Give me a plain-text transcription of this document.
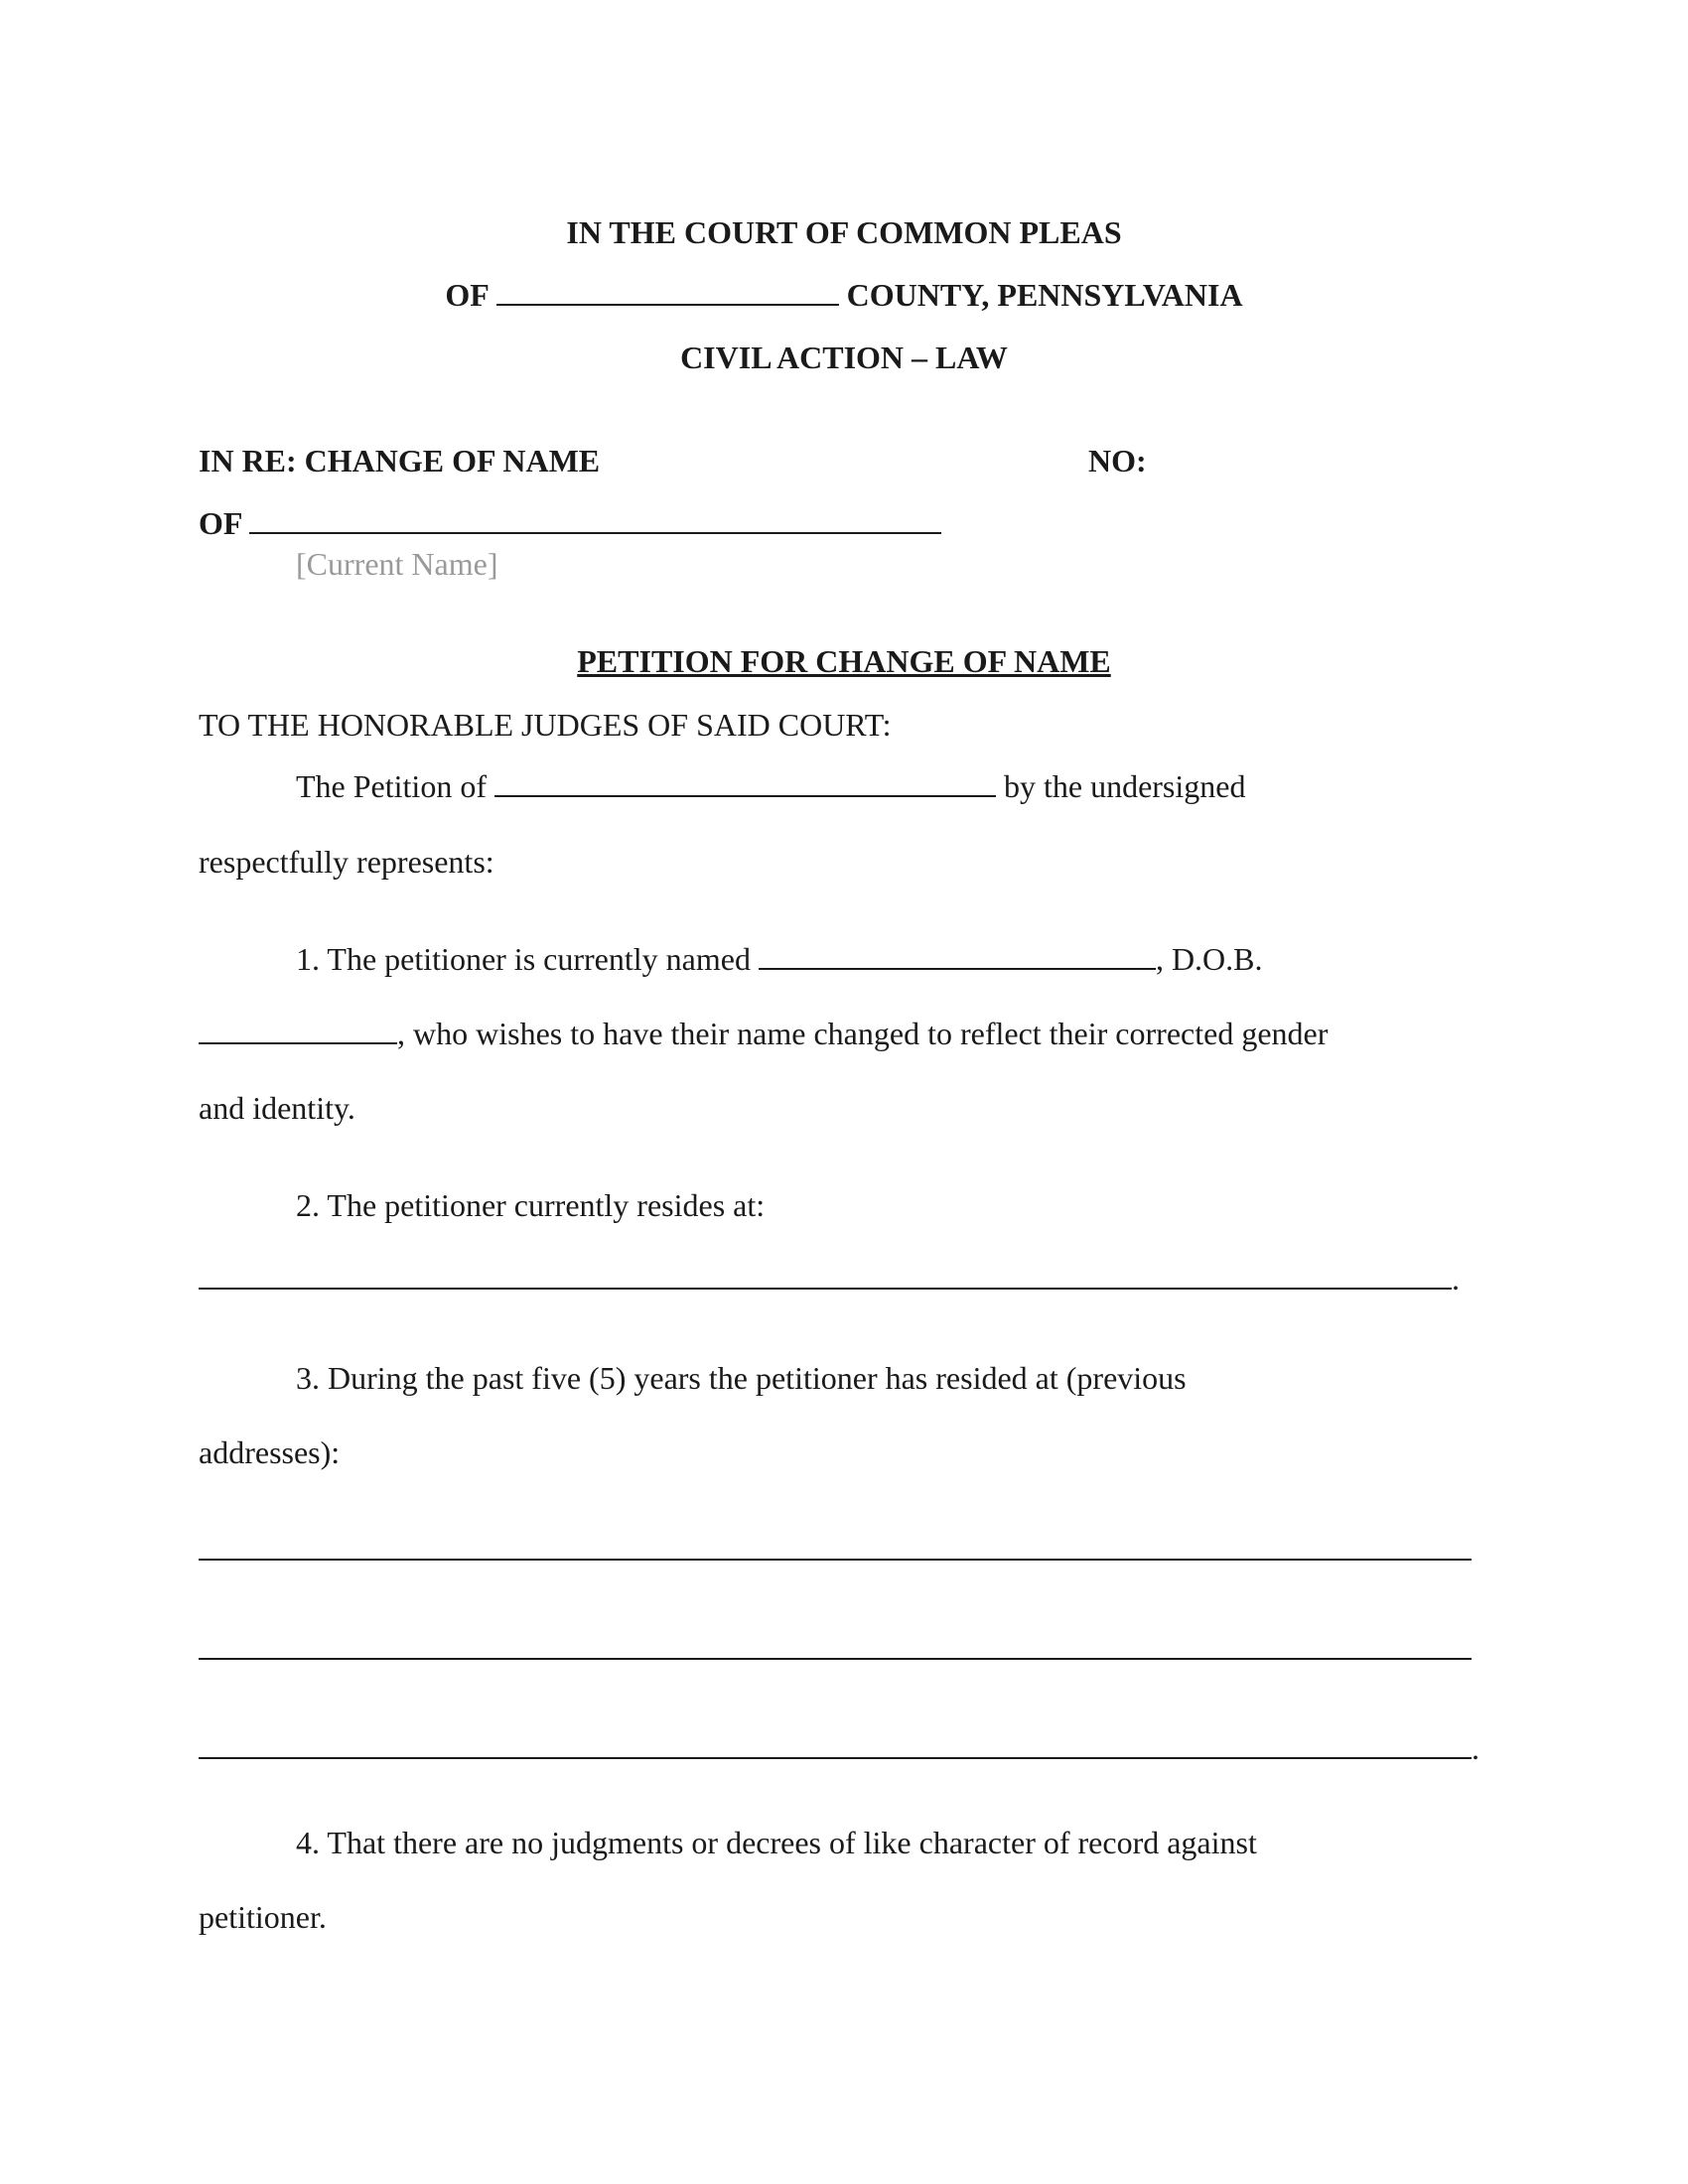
IN THE COURT OF COMMON PLEAS
OF	COUNTY, PENNSYLVANIA
CIVIL ACTION – LAW
IN RE: CHANGE OF NAME	NO:
OF
[Current Name]
PETITION FOR CHANGE OF NAME
TO THE HONORABLE JUDGES OF SAID COURT:
The Petition of	by the undersigned
respectfully represents:
1. The petitioner is currently named	, D.O.B.
, who wishes to have their name changed to reflect their corrected gender
and identity.
2. The petitioner currently resides at:
.
3. During the past five (5) years the petitioner has resided at (previous
addresses):
.
4. That there are no judgments or decrees of like character of record against
petitioner.
